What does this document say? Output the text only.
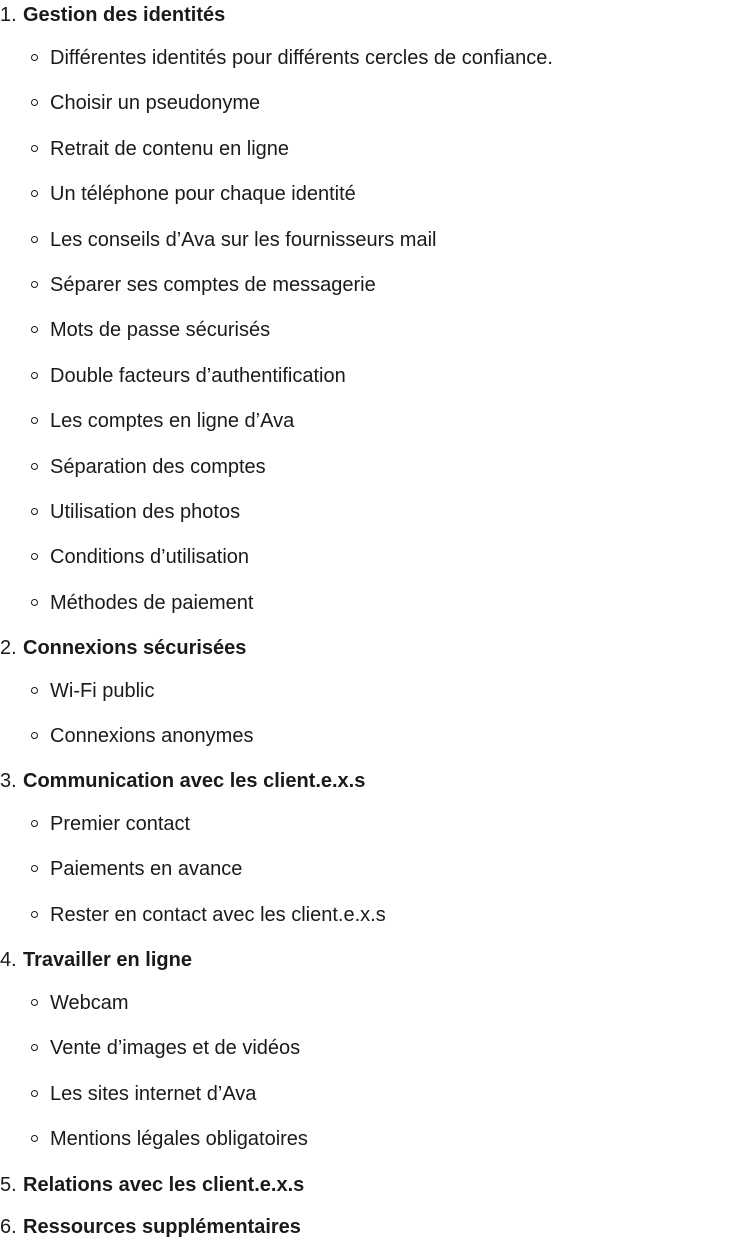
1. Gestion des identités
Différentes identités pour différents cercles de confiance.
Choisir un pseudonyme
Retrait de contenu en ligne
Un téléphone pour chaque identité
Les conseils d’Ava sur les fournisseurs mail
Séparer ses comptes de messagerie
Mots de passe sécurisés
Double facteurs d’authentification
Les comptes en ligne d’Ava
Séparation des comptes
Utilisation des photos
Conditions d’utilisation
Méthodes de paiement
2. Connexions sécurisées
Wi-Fi public
Connexions anonymes
3. Communication avec les client.e.x.s
Premier contact
Paiements en avance
Rester en contact avec les client.e.x.s
4. Travailler en ligne
Webcam
Vente d’images et de vidéos
Les sites internet d’Ava
Mentions légales obligatoires
5. Relations avec les client.e.x.s
6. Ressources supplémentaires
